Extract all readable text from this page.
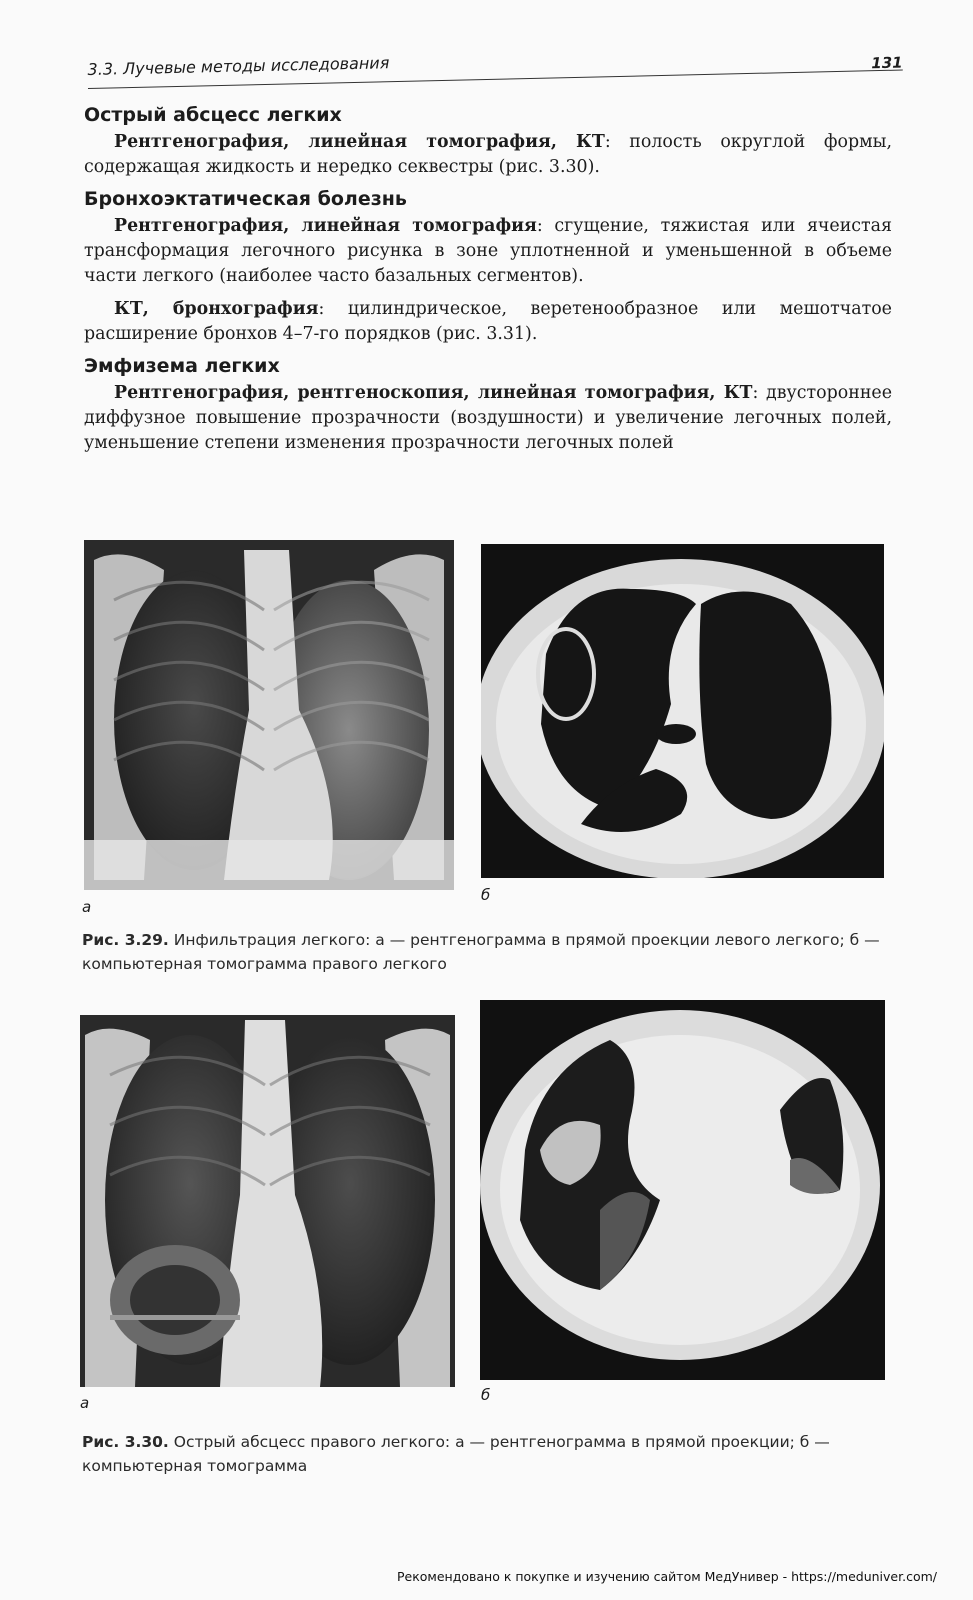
3.3. Лучевые методы исследования	131
Острый абсцесс легких

Рентгенография, линейная томография, КТ: полость округлой формы, содержащая жидкость и нередко секвестры (рис. 3.30).

Бронхоэктатическая болезнь

Рентгенография, линейная томография: сгущение, тяжистая или ячеистая трансформация легочного рисунка в зоне уплотненной и уменьшенной в объеме части легкого (наиболее часто базальных сегментов).

КТ, бронхография: цилиндрическое, веретенообразное или мешотчатое расширение бронхов 4–7-го порядков (рис. 3.31).

Эмфизема легких

Рентгенография, рентгеноскопия, линейная томография, КТ: двустороннее диффузное повышение прозрачности (воздушности) и увеличение легочных полей, уменьшение степени изменения прозрачности легочных полей

а
б
Рис. 3.29. Инфильтрация легкого: а — рентгенограмма в прямой проекции левого легкого; б — компьютерная томограмма правого легкого
а	б
Рис. 3.30. Острый абсцесс правого легкого: а — рентгенограмма в прямой проекции; б — компьютерная томограмма
Рекомендовано к покупке и изучению сайтом МедУнивер - https://meduniver.com/
